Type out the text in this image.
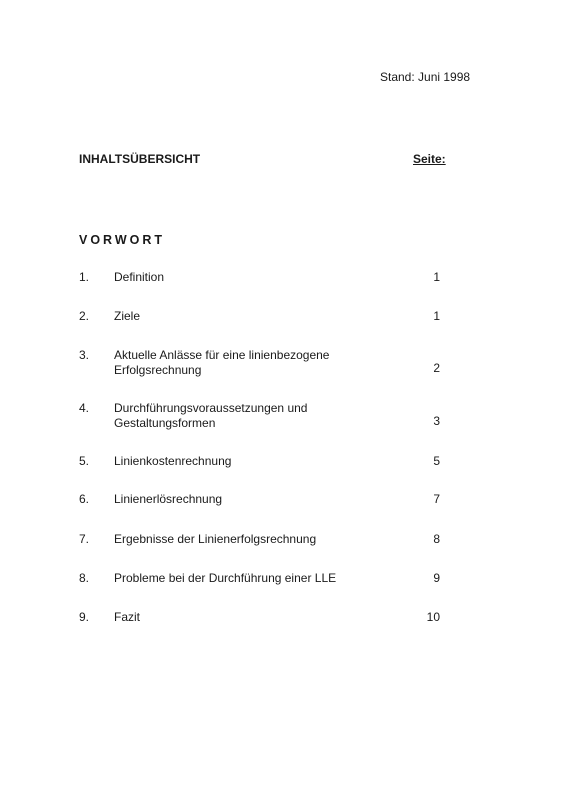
Stand: Juni 1998
INHALTSÜBERSICHT	Seite:
VORWORT
1. Definition	1
2. Ziele	1
3. Aktuelle Anlässe für eine linienbezogene Erfolgsrechnung	2
4. Durchführungsvoraussetzungen und Gestaltungsformen	3
5. Linienkostenrechnung	5
6. Linienerlösrechnung	7
7. Ergebnisse der Linienerfolgsrechnung	8
8. Probleme bei der Durchführung einer LLE	9
9. Fazit	10
